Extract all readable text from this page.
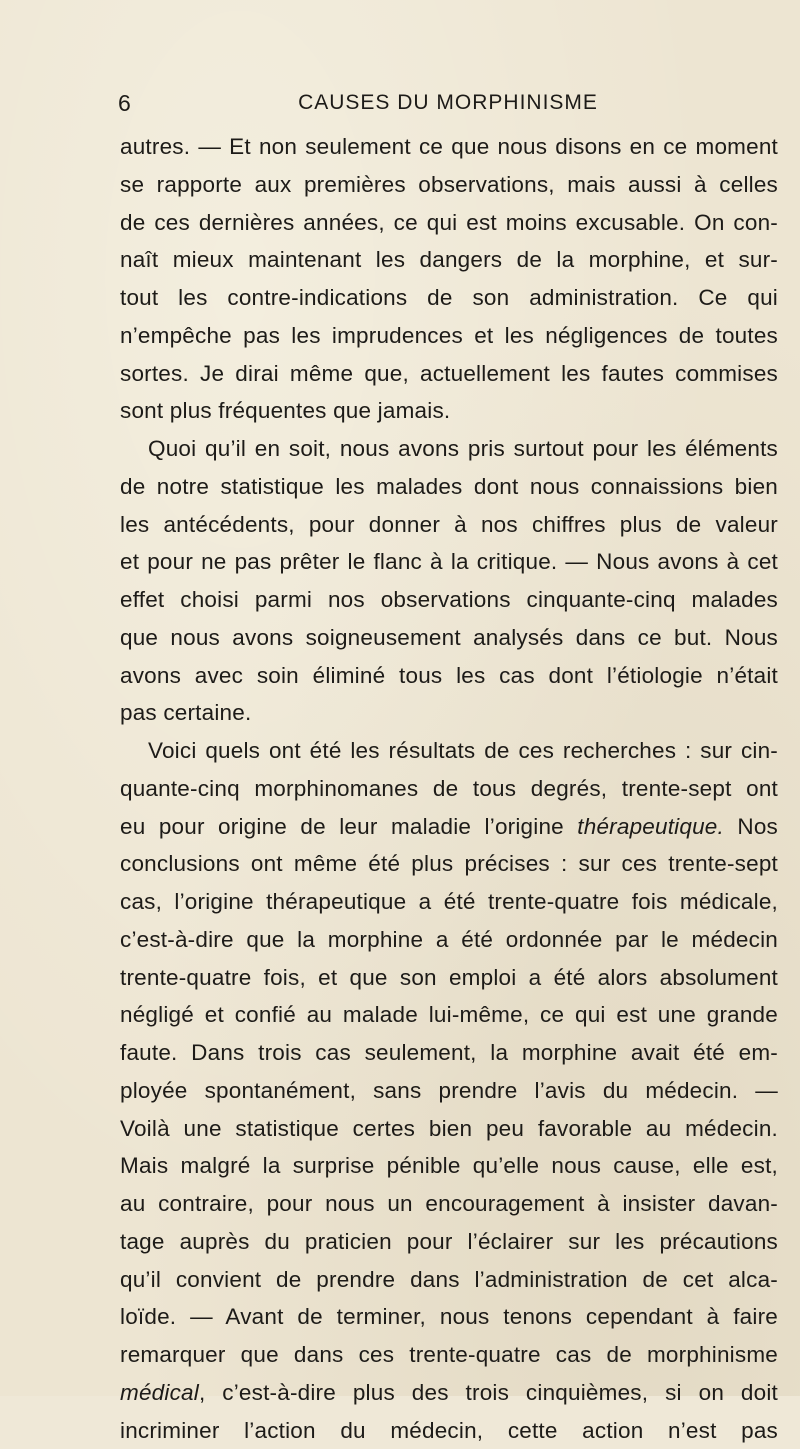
6	CAUSES DU MORPHINISME
autres. — Et non seulement ce que nous disons en ce moment
se rapporte aux premières observations, mais aussi à celles
de ces dernières années, ce qui est moins excusable. On con-
naît mieux maintenant les dangers de la morphine, et sur-
tout les contre-indications de son administration. Ce qui
n’empêche pas les imprudences et les négligences de toutes
sortes. Je dirai même que, actuellement les fautes commises
sont plus fréquentes que jamais.
Quoi qu’il en soit, nous avons pris surtout pour les éléments
de notre statistique les malades dont nous connaissions bien
les antécédents, pour donner à nos chiffres plus de valeur
et pour ne pas prêter le flanc à la critique. — Nous avons à cet
effet choisi parmi nos observations cinquante-cinq malades
que nous avons soigneusement analysés dans ce but. Nous
avons avec soin éliminé tous les cas dont l’étiologie n’était
pas certaine.
Voici quels ont été les résultats de ces recherches : sur cin-
quante-cinq morphinomanes de tous degrés, trente-sept ont
eu pour origine de leur maladie l’origine thérapeutique. Nos
conclusions ont même été plus précises : sur ces trente-sept
cas, l’origine thérapeutique a été trente-quatre fois médicale,
c’est-à-dire que la morphine a été ordonnée par le médecin
trente-quatre fois, et que son emploi a été alors absolument
négligé et confié au malade lui-même, ce qui est une grande
faute. Dans trois cas seulement, la morphine avait été em-
ployée spontanément, sans prendre l’avis du médecin. —
Voilà une statistique certes bien peu favorable au médecin.
Mais malgré la surprise pénible qu’elle nous cause, elle est,
au contraire, pour nous un encouragement à insister davan-
tage auprès du praticien pour l’éclairer sur les précautions
qu’il convient de prendre dans l’administration de cet alca-
loïde. — Avant de terminer, nous tenons cependant à faire
remarquer que dans ces trente-quatre cas de morphinisme
médical, c’est-à-dire plus des trois cinquièmes, si on doit
incriminer l’action du médecin, cette action n’est pas
